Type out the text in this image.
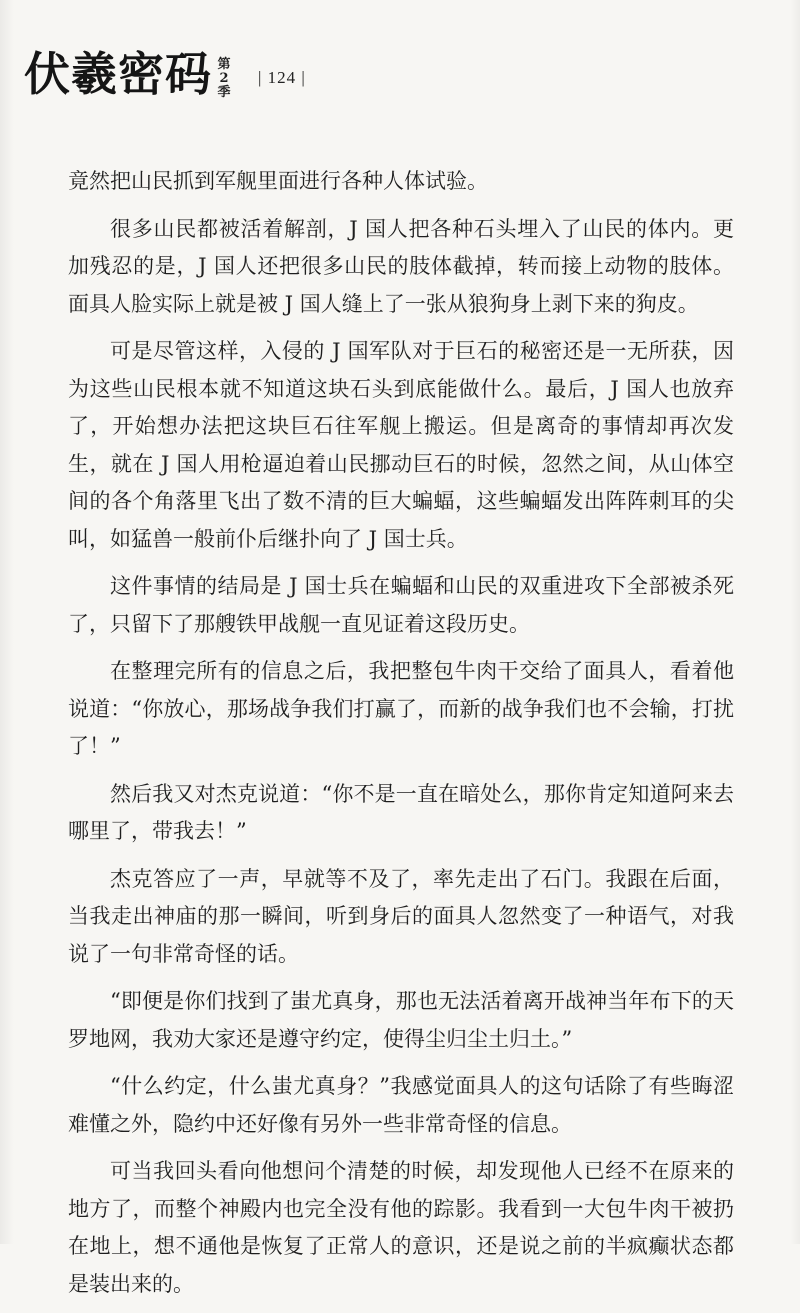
伏羲密码 第2季
| 124 |

竟然把山民抓到军舰里面进行各种人体试验。

很多山民都被活着解剖，J 国人把各种石头埋入了山民的体内。更加残忍的是，J 国人还把很多山民的肢体截掉，转而接上动物的肢体。面具人脸实际上就是被 J 国人缝上了一张从狼狗身上剥下来的狗皮。

可是尽管这样，入侵的 J 国军队对于巨石的秘密还是一无所获，因为这些山民根本就不知道这块石头到底能做什么。最后，J 国人也放弃了，开始想办法把这块巨石往军舰上搬运。但是离奇的事情却再次发生，就在 J 国人用枪逼迫着山民挪动巨石的时候，忽然之间，从山体空间的各个角落里飞出了数不清的巨大蝙蝠，这些蝙蝠发出阵阵刺耳的尖叫，如猛兽一般前仆后继扑向了 J 国士兵。

这件事情的结局是 J 国士兵在蝙蝠和山民的双重进攻下全部被杀死了，只留下了那艘铁甲战舰一直见证着这段历史。

在整理完所有的信息之后，我把整包牛肉干交给了面具人，看着他说道：“你放心，那场战争我们打赢了，而新的战争我们也不会输，打扰了！”

然后我又对杰克说道：“你不是一直在暗处么，那你肯定知道阿来去哪里了，带我去！”

杰克答应了一声，早就等不及了，率先走出了石门。我跟在后面，当我走出神庙的那一瞬间，听到身后的面具人忽然变了一种语气，对我说了一句非常奇怪的话。

“即便是你们找到了蚩尤真身，那也无法活着离开战神当年布下的天罗地网，我劝大家还是遵守约定，使得尘归尘土归土。”

“什么约定，什么蚩尤真身？”我感觉面具人的这句话除了有些晦涩难懂之外，隐约中还好像有另外一些非常奇怪的信息。

可当我回头看向他想问个清楚的时候，却发现他人已经不在原来的地方了，而整个神殿内也完全没有他的踪影。我看到一大包牛肉干被扔在地上，想不通他是恢复了正常人的意识，还是说之前的半疯癫状态都是装出来的。
